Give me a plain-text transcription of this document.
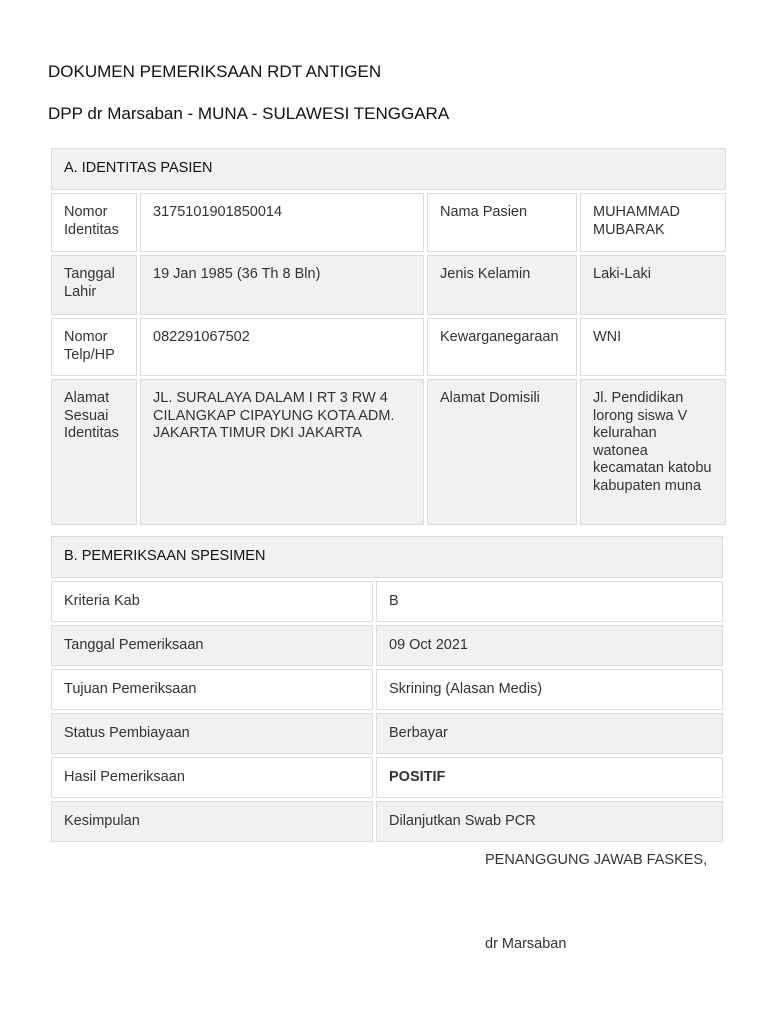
DOKUMEN PEMERIKSAAN RDT ANTIGEN
DPP dr Marsaban - MUNA - SULAWESI TENGGARA
A. IDENTITAS PASIEN			
Nomor Identitas	3175101901850014	Nama Pasien	MUHAMMAD MUBARAK
Tanggal Lahir	19 Jan 1985 (36 Th 8 Bln)	Jenis Kelamin	Laki-Laki
Nomor Telp/HP	082291067502	Kewarganegaraan	WNI
Alamat Sesuai Identitas	JL. SURALAYA DALAM I RT 3 RW 4 CILANGKAP CIPAYUNG KOTA ADM. JAKARTA TIMUR DKI JAKARTA	Alamat Domisili	Jl. Pendidikan lorong siswa V kelurahan watonea kecamatan katobu kabupaten muna
B. PEMERIKSAAN SPESIMEN	
Kriteria Kab	B
Tanggal Pemeriksaan	09 Oct 2021
Tujuan Pemeriksaan	Skrining (Alasan Medis)
Status Pembiayaan	Berbayar
Hasil Pemeriksaan	POSITIF
Kesimpulan	Dilanjutkan Swab PCR
PENANGGUNG JAWAB FASKES,
dr Marsaban
